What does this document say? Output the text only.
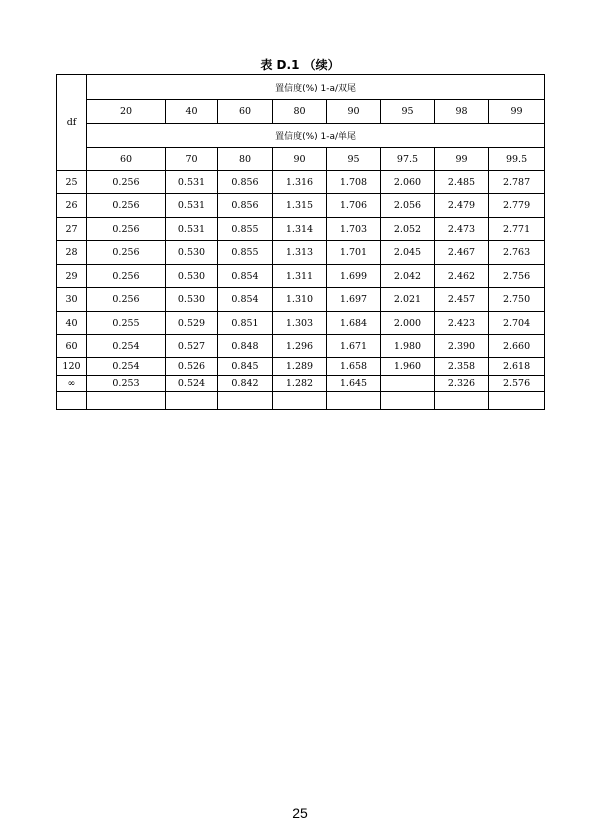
表 D.1 （续）
df	置信度(%) 1-a/双尾							
	20	40	60	80	90	95	98	99
	置信度(%) 1-a/单尾							
	60	70	80	90	95	97.5	99	99.5
25	0.256	0.531	0.856	1.316	1.708	2.060	2.485	2.787
26	0.256	0.531	0.856	1.315	1.706	2.056	2.479	2.779
27	0.256	0.531	0.855	1.314	1.703	2.052	2.473	2.771
28	0.256	0.530	0.855	1.313	1.701	2.045	2.467	2.763
29	0.256	0.530	0.854	1.311	1.699	2.042	2.462	2.756
30	0.256	0.530	0.854	1.310	1.697	2.021	2.457	2.750
40	0.255	0.529	0.851	1.303	1.684	2.000	2.423	2.704
60	0.254	0.527	0.848	1.296	1.671	1.980	2.390	2.660
120	0.254	0.526	0.845	1.289	1.658	1.960	2.358	2.618
∞	0.253	0.524	0.842	1.282	1.645		2.326	2.576

25
